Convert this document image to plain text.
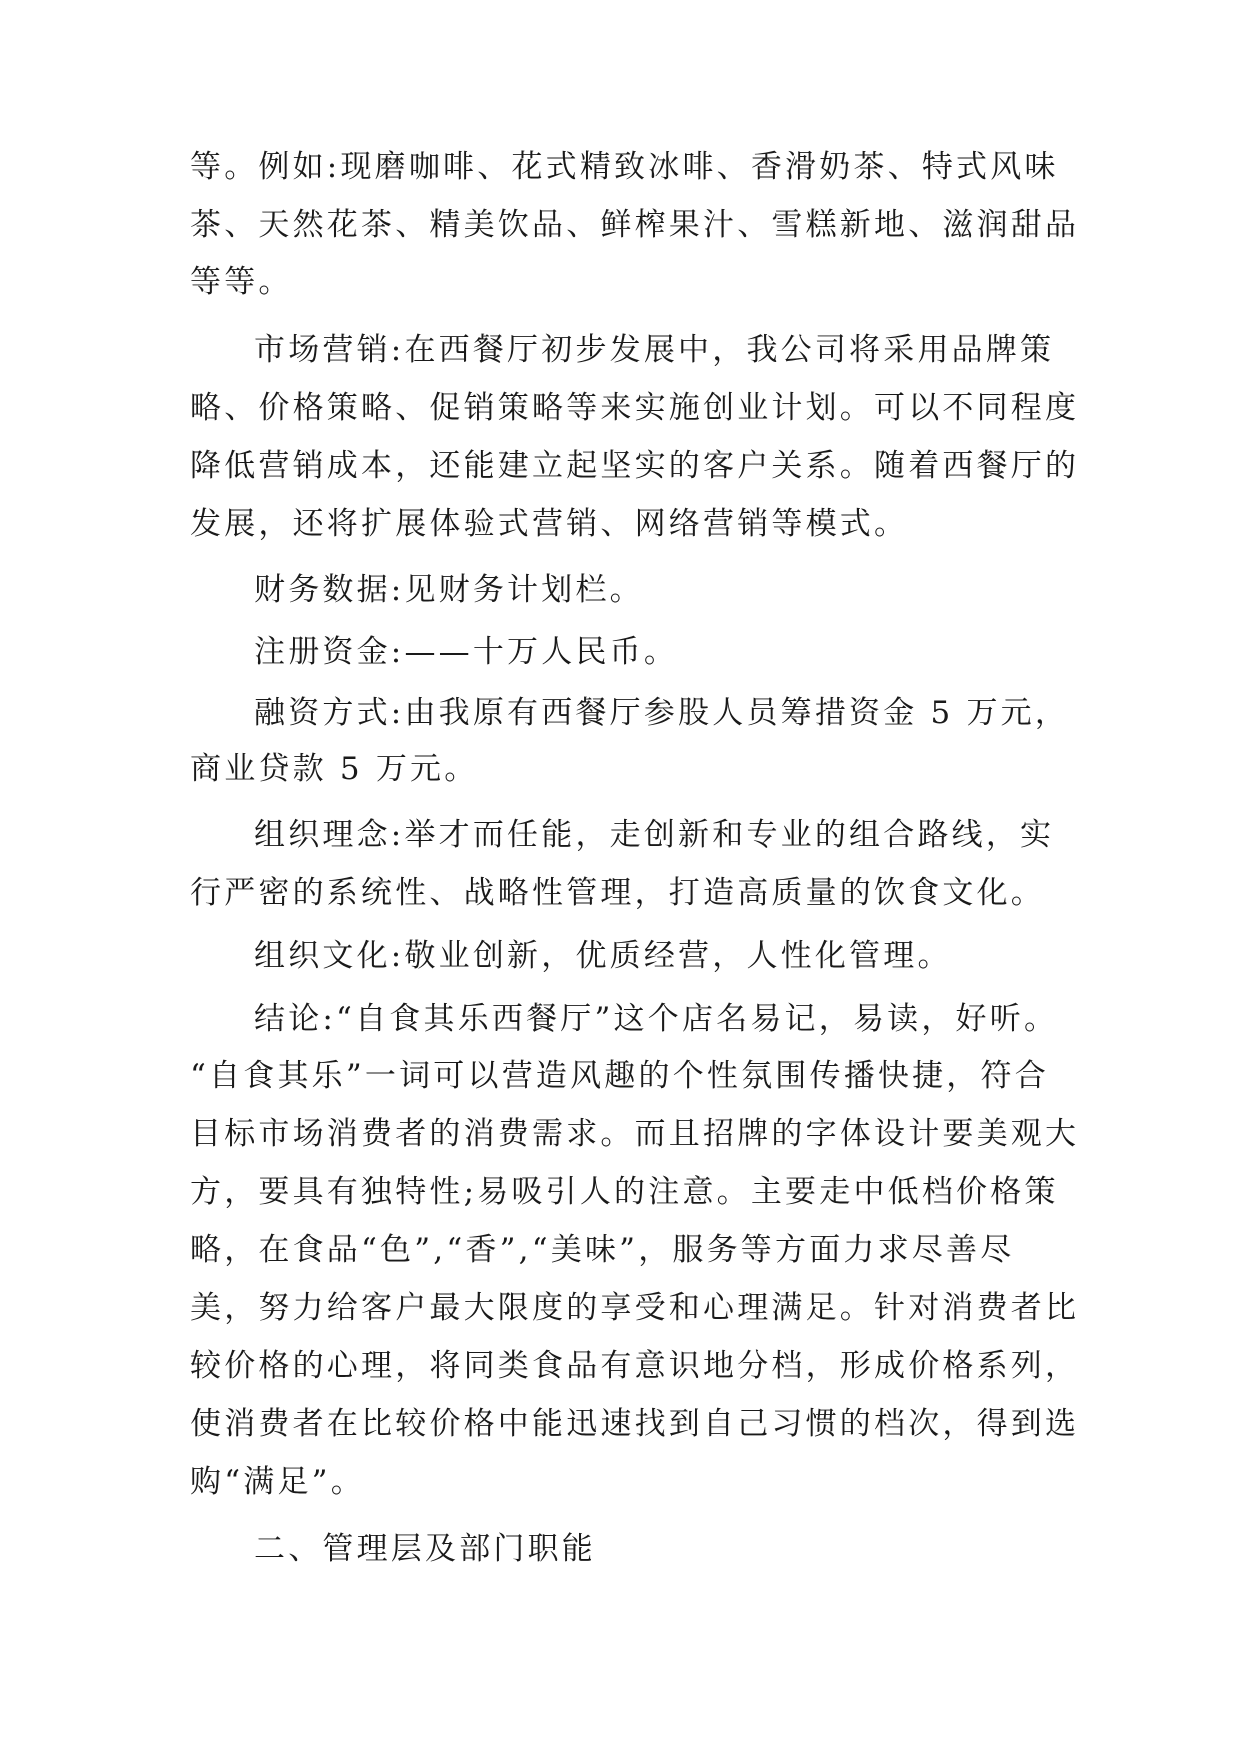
等。例如:现磨咖啡、花式精致冰啡、香滑奶茶、特式风味
茶、天然花茶、精美饮品、鲜榨果汁、雪糕新地、滋润甜品
等等。
市场营销:在西餐厅初步发展中，我公司将采用品牌策
略、价格策略、促销策略等来实施创业计划。可以不同程度
降低营销成本，还能建立起坚实的客户关系。随着西餐厅的
发展，还将扩展体验式营销、网络营销等模式。
财务数据:见财务计划栏。
注册资金:——十万人民币。
融资方式:由我原有西餐厅参股人员筹措资金 5 万元，
商业贷款 5 万元。
组织理念:举才而任能，走创新和专业的组合路线，实
行严密的系统性、战略性管理，打造高质量的饮食文化。
组织文化:敬业创新，优质经营，人性化管理。
结论:“自食其乐西餐厅”这个店名易记，易读，好听。
“自食其乐”一词可以营造风趣的个性氛围传播快捷，符合
目标市场消费者的消费需求。而且招牌的字体设计要美观大
方，要具有独特性;易吸引人的注意。主要走中低档价格策
略，在食品“色”,“香”,“美味”，服务等方面力求尽善尽
美，努力给客户最大限度的享受和心理满足。针对消费者比
较价格的心理，将同类食品有意识地分档，形成价格系列，
使消费者在比较价格中能迅速找到自己习惯的档次，得到选
购“满足”。
二、管理层及部门职能
